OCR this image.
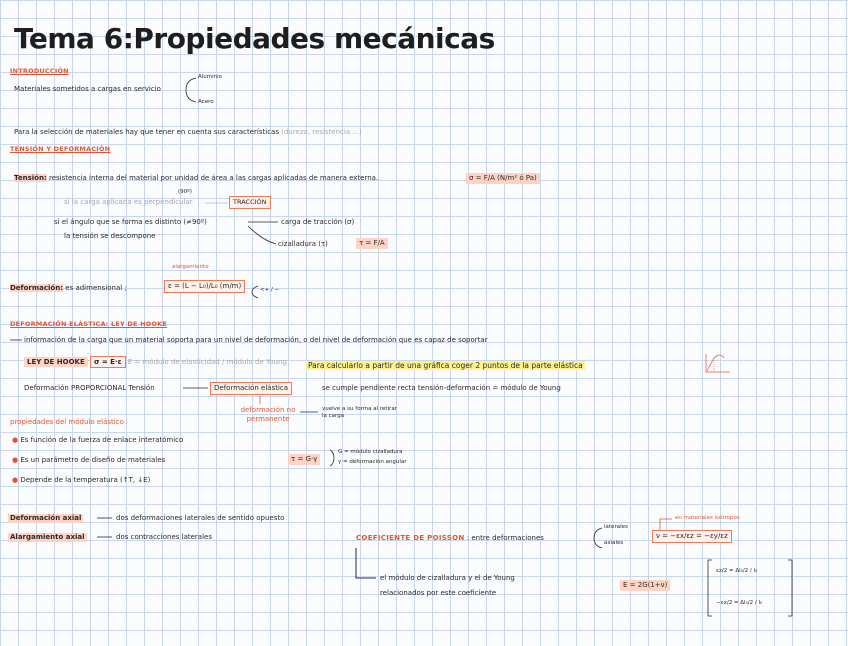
Tema 6:Propiedades mecánicas
INTRODUCCIÓN
Materiales sometidos a cargas en servicio
Aluminio
Acero
Para la selección de materiales hay que tener en cuenta sus características (dureza, resistencia ...)
TENSIÓN Y DEFORMACIÓN
Tensión: resistencia interna del material por unidad de área a las cargas aplicadas de manera externa.	σ = F/A (N/m² ó Pa)
(90º)
si la carga aplicada es perpendicular	TRACCIÓN
si el ángulo que se forma es distinto (≠90º)
la tensión se descompone
carga de tracción (σ)
cizalladura (τ)	τ = F/A
Deformación: es adimensional ;
alargamiento
ε = (L − L₀)/L₀ (m/m)	<+ / −
DEFORMACIÓN ELÁSTICA: LEY DE HOOKE
información de la carga que un material soporta para un nivel de deformación, o del nivel de deformación que es capaz de soportar
LEY DE HOOKE σ = E·ε E = módulo de elasticidad / módulo de Young	Para calcularlo a partir de una gráfica coger 2 puntos de la parte elástica
Deformación PROPORCIONAL Tensión	Deformación elástica	se cumple pendiente recta tensión-deformación = módulo de Young
deformación no permanente
vuelve a su forma al retirar la carga
propiedades del módulo elástico
● Es función de la fuerza de enlace interatómico
● Es un parámetro de diseño de materiales
● Depende de la temperatura (↑T, ↓E)
τ = G·γ
G = módulo cizalladura
γ = deformación angular
Deformación axial	dos deformaciones laterales de sentido opuesto
Alargamiento axial	dos contracciones laterales	COEFICIENTE DE POISSON : entre deformaciones
laterales
axiales
en materiales isótropos
ν = −εx/εz = −εy/εz
el módulo de cizalladura y el de Young
relacionados por este coeficiente
E = 2G(1+ν)
εz/2 = Δl₀/2 / l₀
−εx/2 = Δl₀/2 / l₀
